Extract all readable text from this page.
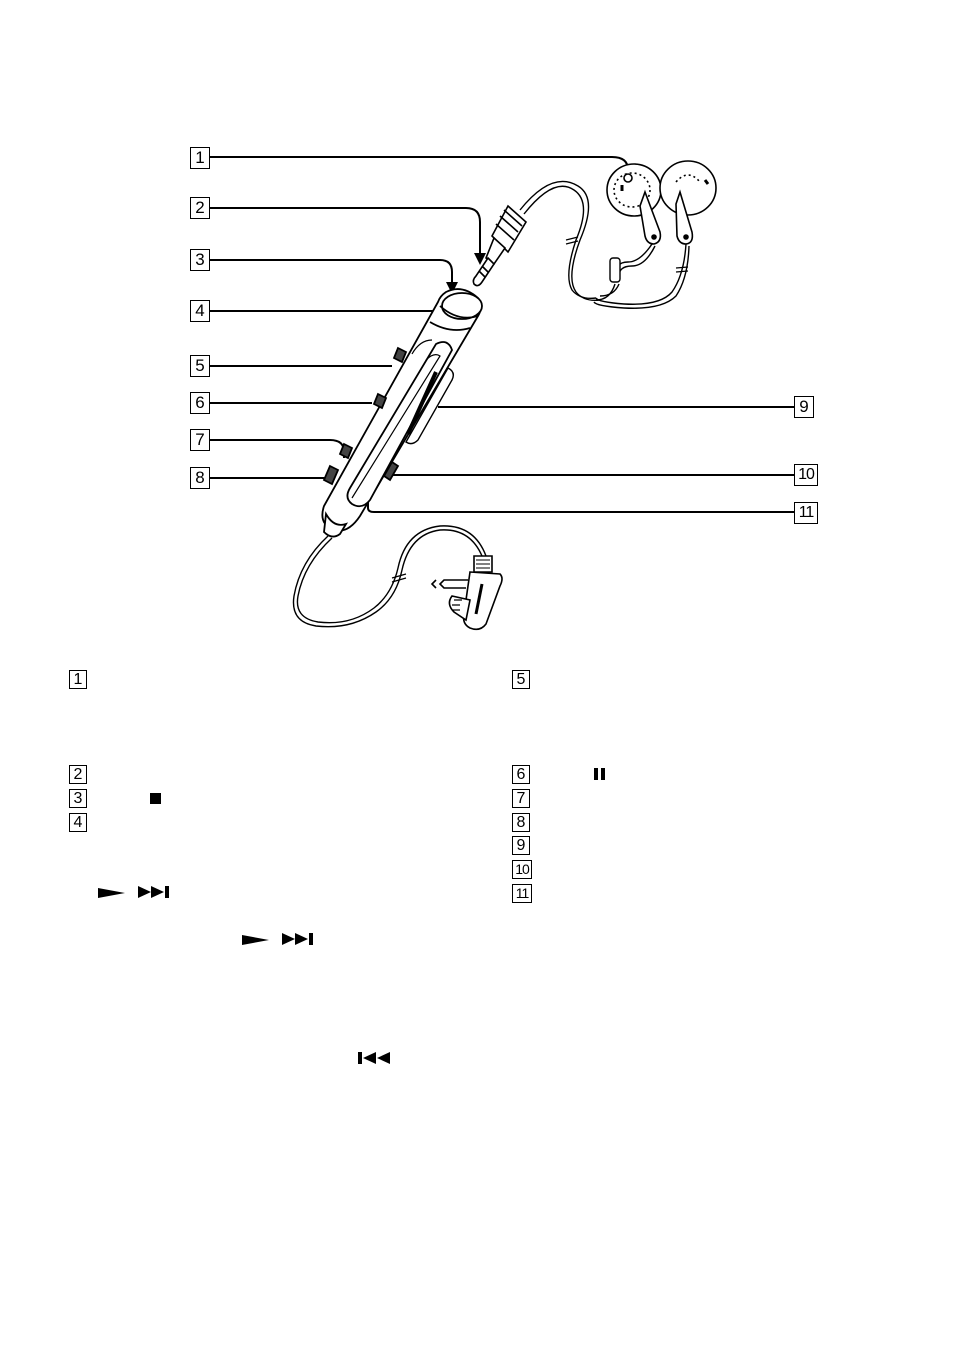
1
2
3
4
5
6
7
8
9
10
11
1
2
3
4
5
6
7
8
9
10
11
